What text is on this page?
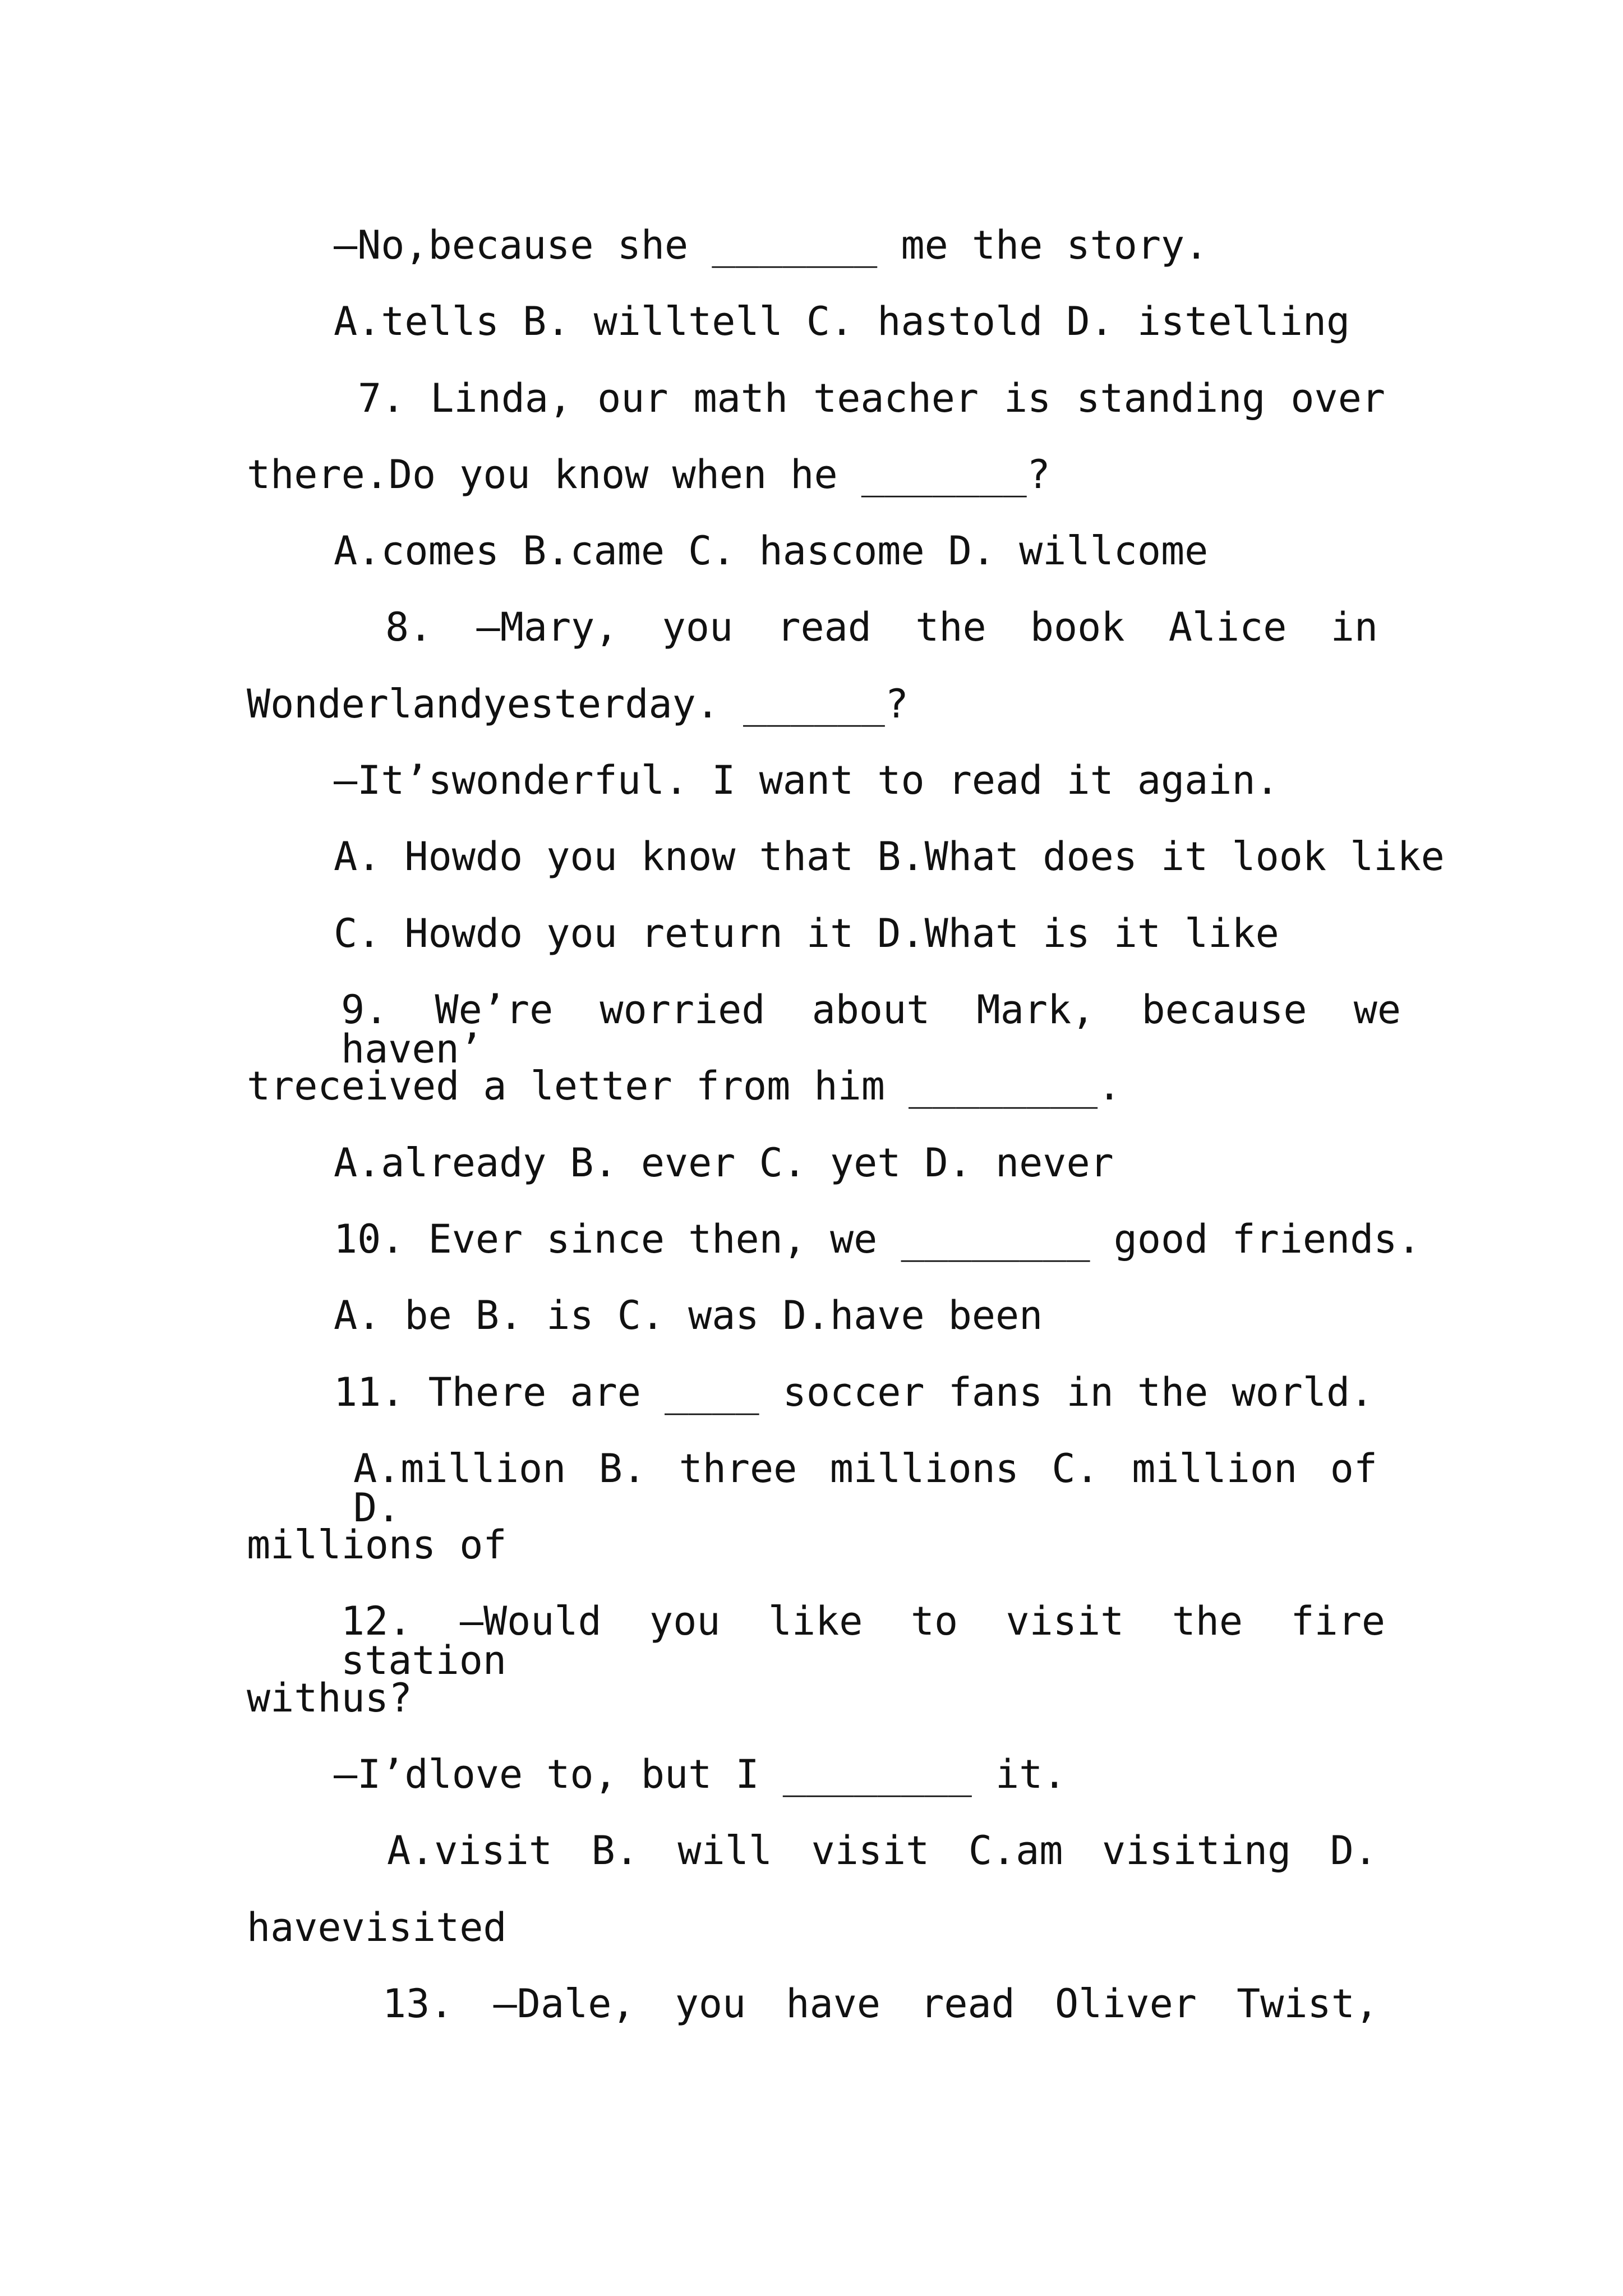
—No,because she _______ me the story.
A.tells B. willtell C. hastold D. istelling
7. Linda, our math teacher is standing over
there.Do you know when he _______?
A.comes B.came C. hascome D. willcome
8. —Mary, you read the book Alice in
Wonderlandyesterday. ______?
—It’swonderful. I want to read it again.
A. Howdo you know that B.What does it look like
C. Howdo you return it D.What is it like
9. We’re worried about Mark, because we haven’
treceived a letter from him ________.
A.already B. ever C. yet D. never
10. Ever since then, we ________ good friends.
A. be B. is C. was D.have been
11. There are ____ soccer fans in the world.
A.million B. three millions C. million of D.
millions of
12. —Would you like to visit the fire station
withus?
—I’dlove to, but I ________ it.
A.visit B. will visit C.am visiting D.
havevisited
13. —Dale, you have read Oliver Twist,
